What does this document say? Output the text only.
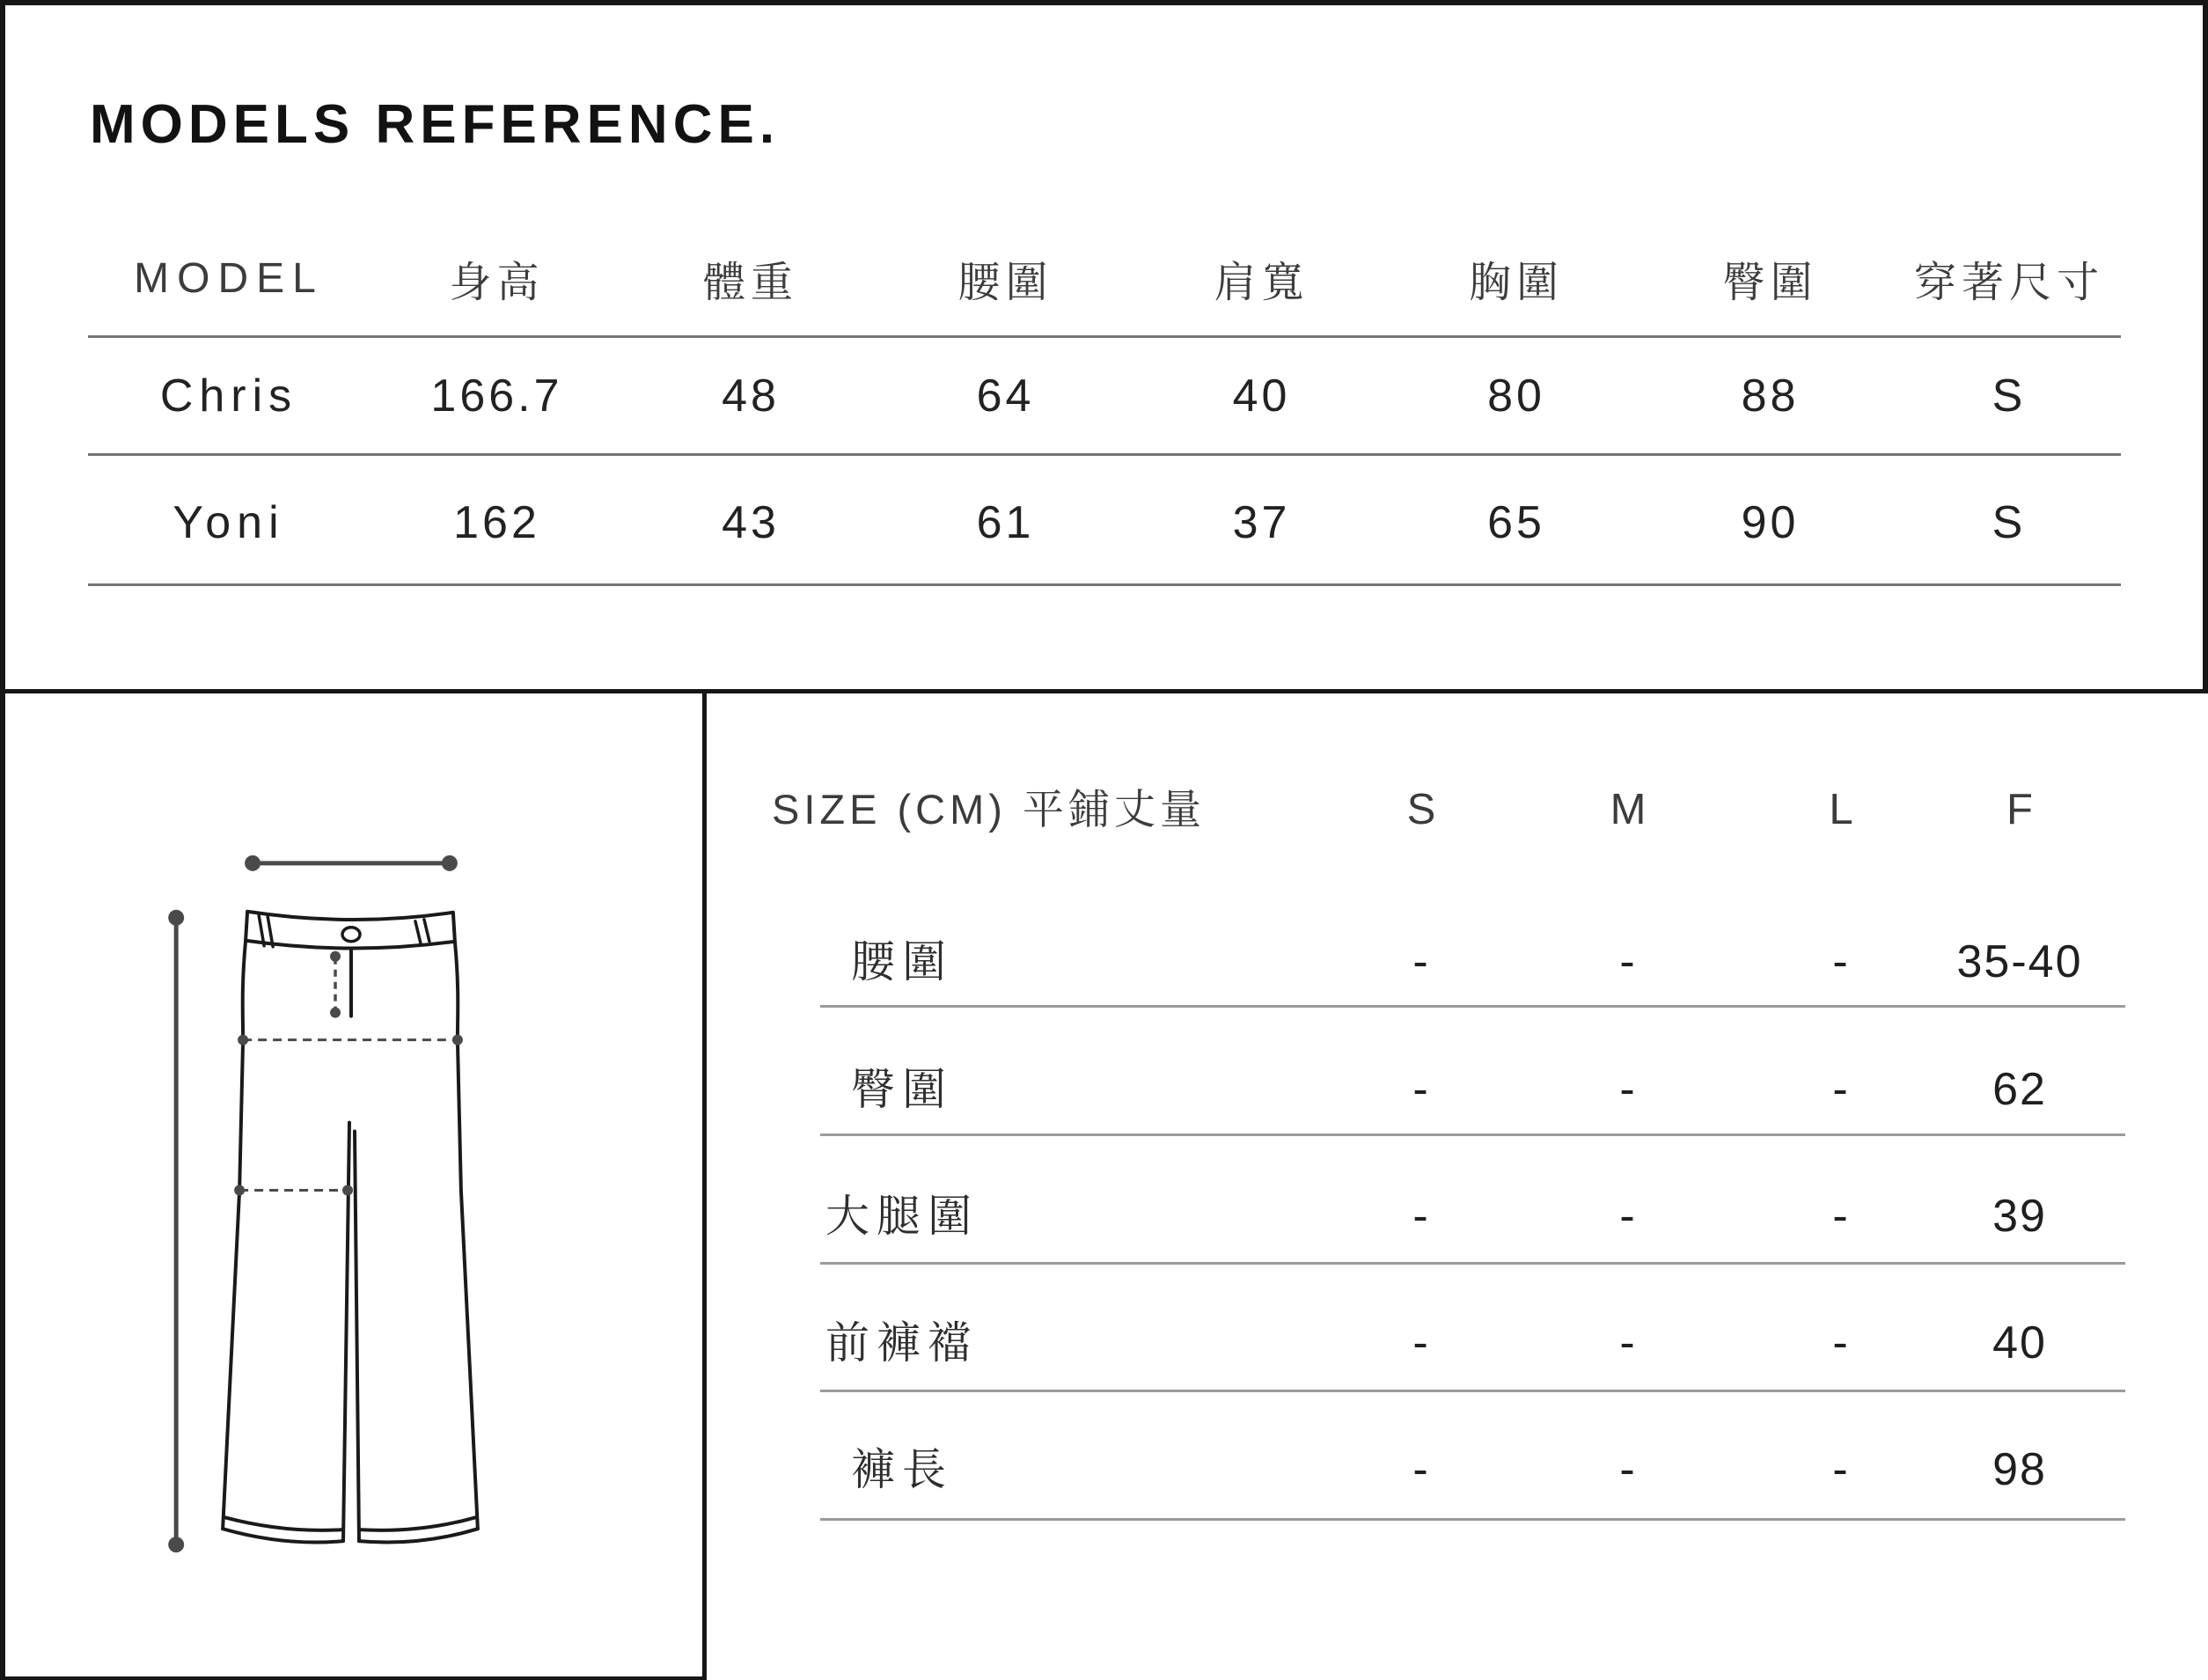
MODELS REFERENCE.
MODEL	身高	體重	腰圍	肩寬	胸圍	臀圍	穿著尺寸
Chris	166.7	48	64	40	80	88	S
Yoni	162	43	61	37	65	90	S
SIZE (CM) 平鋪丈量	S	M	L	F
腰圍	-	-	-	35-40
臀圍	-	-	-	62
大腿圍	-	-	-	39
前褲襠	-	-	-	40
褲長	-	-	-	98
